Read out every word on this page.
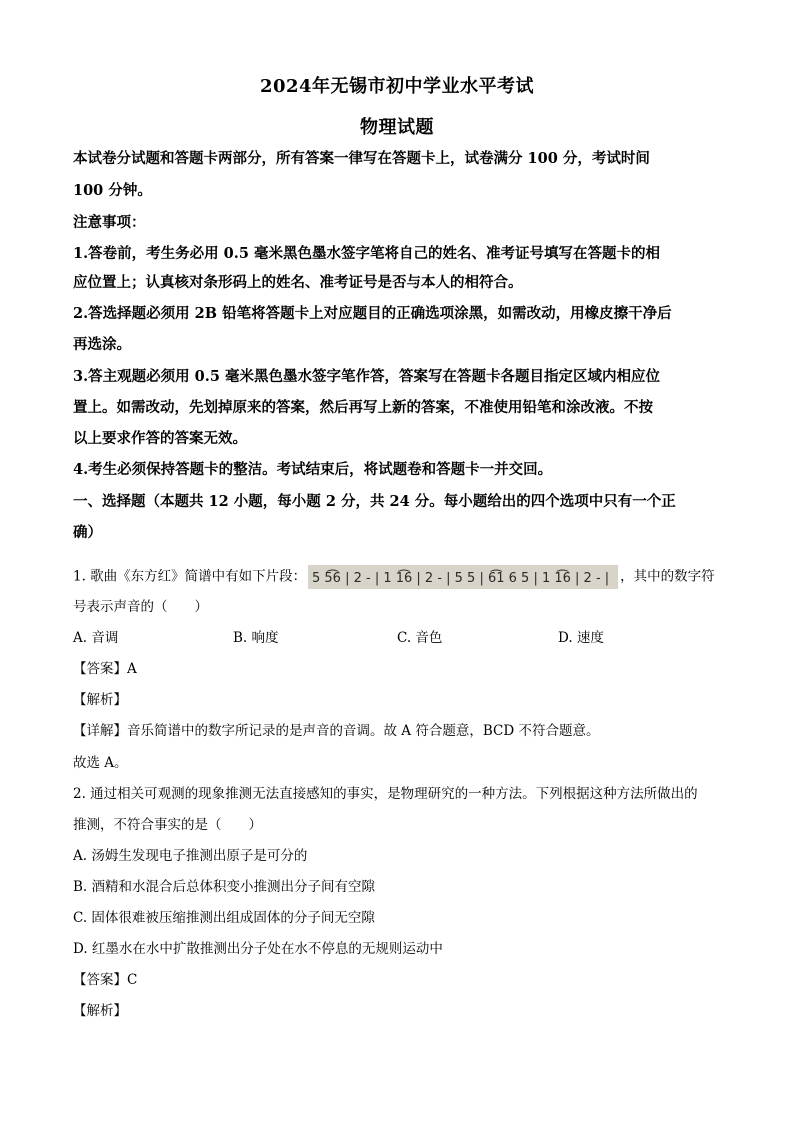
2024年无锡市初中学业水平考试
物理试题
本试卷分试题和答题卡两部分，所有答案一律写在答题卡上，试卷满分 100 分，考试时间
100 分钟。
注意事项：
1.答卷前，考生务必用 0.5 毫米黑色墨水签字笔将自己的姓名、准考证号填写在答题卡的相
应位置上；认真核对条形码上的姓名、准考证号是否与本人的相符合。
2.答选择题必须用 2B 铅笔将答题卡上对应题目的正确选项涂黑，如需改动，用橡皮擦干净后
再选涂。
3.答主观题必须用 0.5 毫米黑色墨水签字笔作答，答案写在答题卡各题目指定区域内相应位
置上。如需改动，先划掉原来的答案，然后再写上新的答案，不准使用铅笔和涂改液。不按
以上要求作答的答案无效。
4.考生必须保持答题卡的整洁。考试结束后，将试题卷和答题卡一并交回。
一、选择题（本题共 12 小题，每小题 2 分，共 24 分。每小题给出的四个选项中只有一个正
确）
1. 歌曲《东方红》简谱中有如下片段： 5 5͡6 | 2 - | 1 1͡6 | 2 - | 5 5 | 6͡1 6 5 | 1 1͡6 | 2 - | ，其中的数字符
号表示声音的（　　）
A. 音调	B. 响度	C. 音色	D. 速度
【答案】A
【解析】
【详解】音乐简谱中的数字所记录的是声音的音调。故 A 符合题意，BCD 不符合题意。
故选 A。
2. 通过相关可观测的现象推测无法直接感知的事实，是物理研究的一种方法。下列根据这种方法所做出的
推测，不符合事实的是（　　）
A. 汤姆生发现电子推测出原子是可分的
B. 酒精和水混合后总体积变小推测出分子间有空隙
C. 固体很难被压缩推测出组成固体的分子间无空隙
D. 红墨水在水中扩散推测出分子处在水不停息的无规则运动中
【答案】C
【解析】
